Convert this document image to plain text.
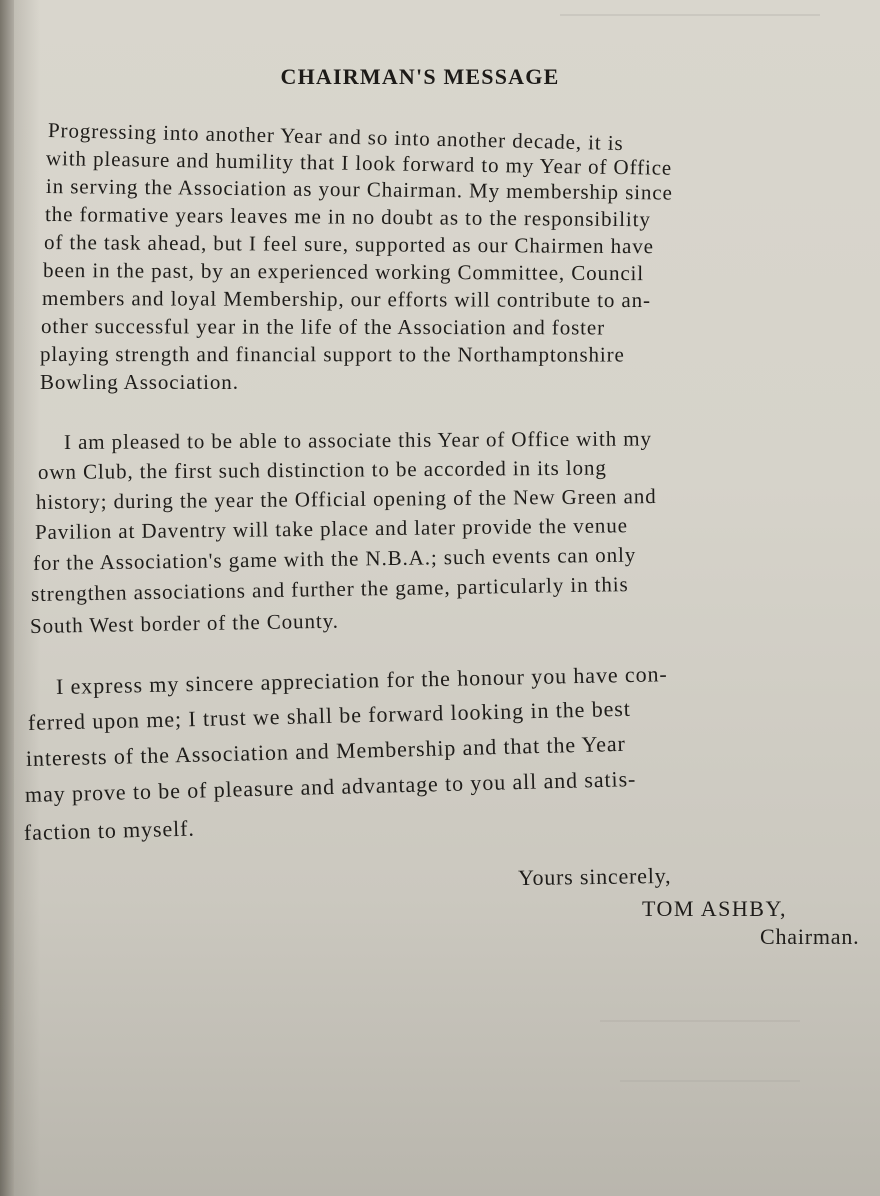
CHAIRMAN'S MESSAGE
Progressing into another Year and so into another decade, it is
with pleasure and humility that I look forward to my Year of Office
in serving the Association as your Chairman. My membership since
the formative years leaves me in no doubt as to the responsibility
of the task ahead, but I feel sure, supported as our Chairmen have
been in the past, by an experienced working Committee, Council
members and loyal Membership, our efforts will contribute to an-
other successful year in the life of the Association and foster
playing strength and financial support to the Northamptonshire
Bowling Association.
I am pleased to be able to associate this Year of Office with my
own Club, the first such distinction to be accorded in its long
history; during the year the Official opening of the New Green and
Pavilion at Daventry will take place and later provide the venue
for the Association's game with the N.B.A.; such events can only
strengthen associations and further the game, particularly in this
South West border of the County.
I express my sincere appreciation for the honour you have con-
ferred upon me; I trust we shall be forward looking in the best
interests of the Association and Membership and that the Year
may prove to be of pleasure and advantage to you all and satis-
faction to myself.
Yours sincerely,
TOM ASHBY,
Chairman.
